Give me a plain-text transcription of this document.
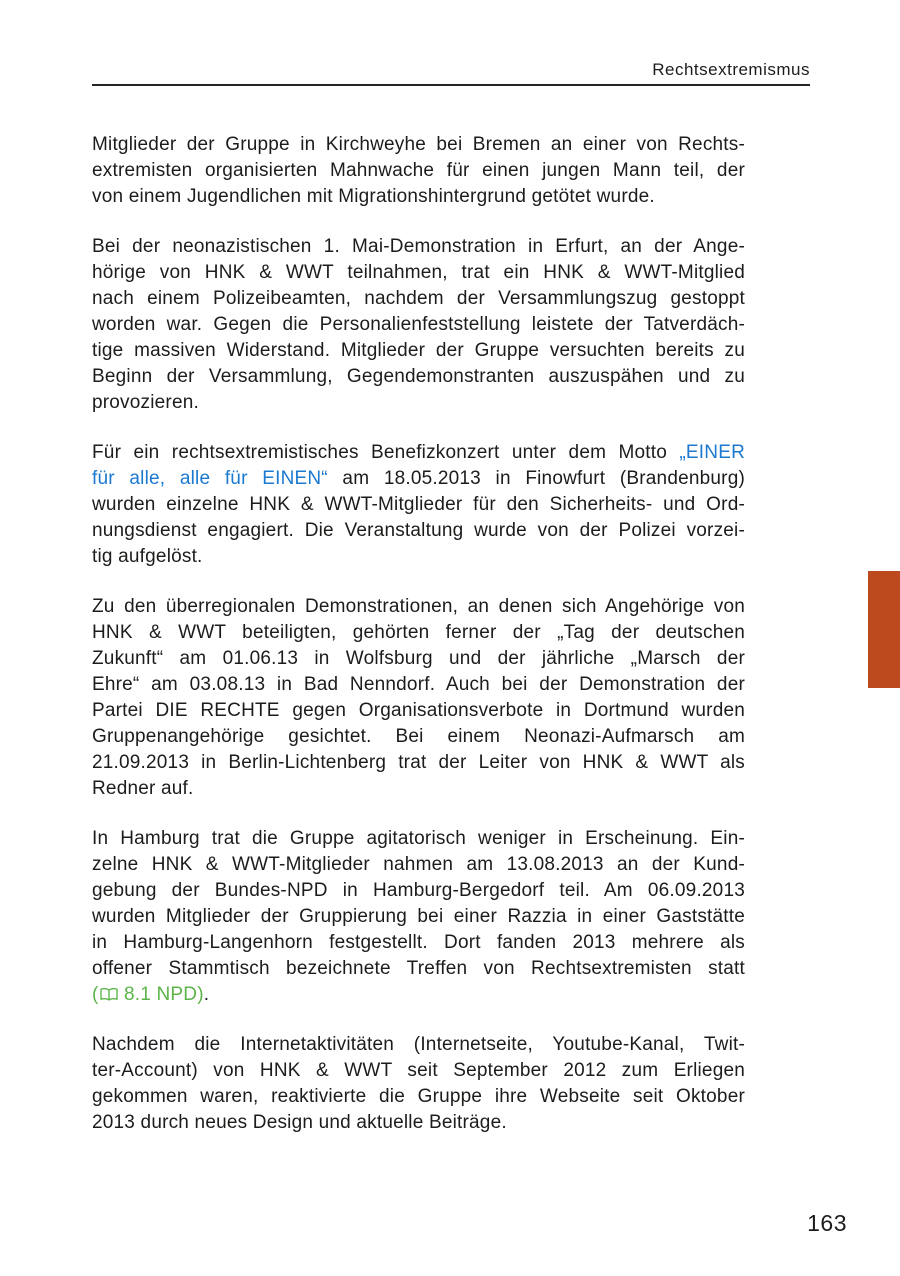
Rechtsextremismus
Mitglieder der Gruppe in Kirchweyhe bei Bremen an einer von Rechts-
extremisten organisierten Mahnwache für einen jungen Mann teil, der
von einem Jugendlichen mit Migrationshintergrund getötet wurde.
Bei der neonazistischen 1. Mai-Demonstration in Erfurt, an der Ange-
hörige von HNK & WWT teilnahmen, trat ein HNK & WWT-Mitglied
nach einem Polizeibeamten, nachdem der Versammlungszug gestoppt
worden war. Gegen die Personalienfeststellung leistete der Tatverdäch-
tige massiven Widerstand. Mitglieder der Gruppe versuchten bereits zu
Beginn der Versammlung, Gegendemonstranten auszuspähen und zu
provozieren.
Für ein rechtsextremistisches Benefizkonzert unter dem Motto „EINER
für alle, alle für EINEN“ am 18.05.2013 in Finowfurt (Brandenburg)
wurden einzelne HNK & WWT-Mitglieder für den Sicherheits- und Ord-
nungsdienst engagiert. Die Veranstaltung wurde von der Polizei vorzei-
tig aufgelöst.
Zu den überregionalen Demonstrationen, an denen sich Angehörige von
HNK & WWT beteiligten, gehörten ferner der „Tag der deutschen
Zukunft“ am 01.06.13 in Wolfsburg und der jährliche „Marsch der
Ehre“ am 03.08.13 in Bad Nenndorf. Auch bei der Demonstration der
Partei DIE RECHTE gegen Organisationsverbote in Dortmund wurden
Gruppenangehörige gesichtet. Bei einem Neonazi-Aufmarsch am
21.09.2013 in Berlin-Lichtenberg trat der Leiter von HNK & WWT als
Redner auf.
In Hamburg trat die Gruppe agitatorisch weniger in Erscheinung. Ein-
zelne HNK & WWT-Mitglieder nahmen am 13.08.2013 an der Kund-
gebung der Bundes-NPD in Hamburg-Bergedorf teil. Am 06.09.2013
wurden Mitglieder der Gruppierung bei einer Razzia in einer Gaststätte
in Hamburg-Langenhorn festgestellt. Dort fanden 2013 mehrere als
offener Stammtisch bezeichnete Treffen von Rechtsextremisten statt
( 8.1 NPD).
Nachdem die Internetaktivitäten (Internetseite, Youtube-Kanal, Twit-
ter-Account) von HNK & WWT seit September 2012 zum Erliegen
gekommen waren, reaktivierte die Gruppe ihre Webseite seit Oktober
2013 durch neues Design und aktuelle Beiträge.
163
